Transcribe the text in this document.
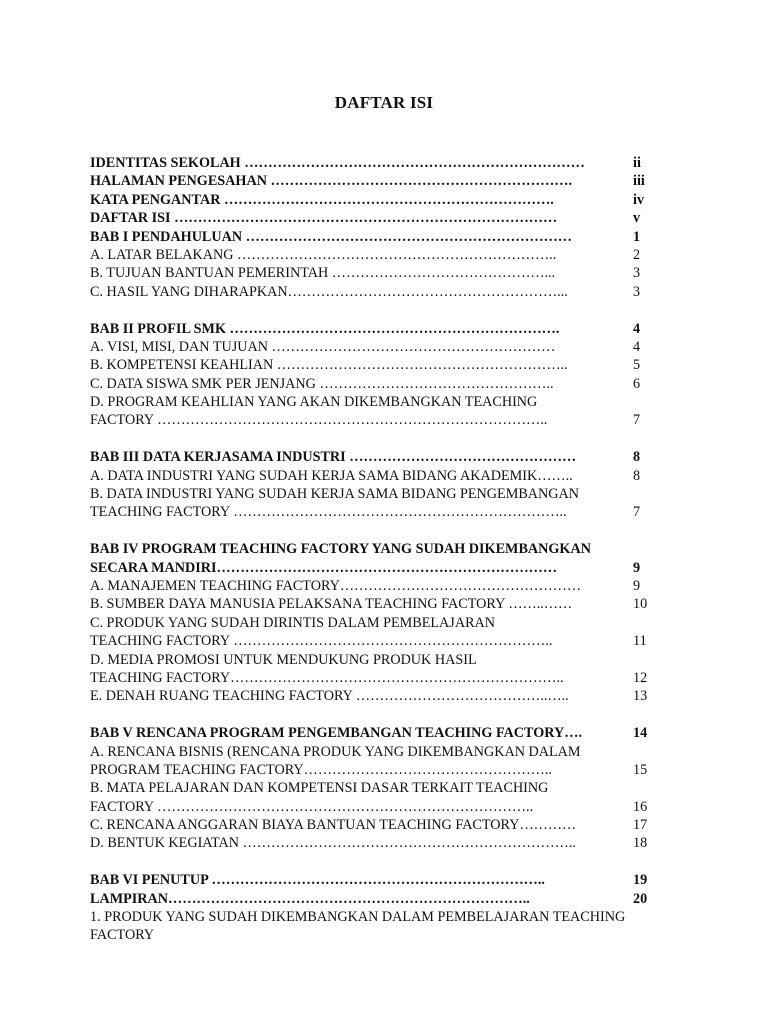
DAFTAR ISI
IDENTITAS SEKOLAH ………………………………………………………………	ii
HALAMAN PENGESAHAN ……………………………………………………….	iii
KATA PENGANTAR …………………………………………………………….	iv
DAFTAR ISI ………………………………………………………………………	v
BAB I PENDAHULUAN ……………………………………………………………	1
A. LATAR BELAKANG …………………………………………………………..	2
B. TUJUAN BANTUAN PEMERINTAH ………………………………………...	3
C. HASIL YANG DIHARAPKAN…………………………………………………...	3
BAB II PROFIL SMK …………………………………………………………….	4
A. VISI, MISI, DAN TUJUAN ……………………………………………………	4
B. KOMPETENSI KEAHLIAN ……………………………………………………..	5
C. DATA SISWA SMK PER JENJANG …………………………………………..	6
D. PROGRAM KEAHLIAN YANG AKAN DIKEMBANGKAN TEACHING
FACTORY ………………………………………………………………………..	7
BAB III DATA KERJASAMA INDUSTRI …………………………………………	8
A. DATA INDUSTRI YANG SUDAH KERJA SAMA BIDANG AKADEMIK……..	8
B. DATA INDUSTRI YANG SUDAH KERJA SAMA BIDANG PENGEMBANGAN
TEACHING FACTORY ……………………………………………………………..	7
BAB IV PROGRAM TEACHING FACTORY YANG SUDAH DIKEMBANGKAN
SECARA MANDIRI………………………………………………………………	9
A. MANAJEMEN TEACHING FACTORY……………………………………………	9
B. SUMBER DAYA MANUSIA PELAKSANA TEACHING FACTORY ……..……	10
C. PRODUK YANG SUDAH DIRINTIS DALAM PEMBELAJARAN
TEACHING FACTORY …………………………………………………………..	11
D. MEDIA PROMOSI UNTUK MENDUKUNG PRODUK HASIL
TEACHING FACTORY……………………………………………………………..	12
E. DENAH RUANG TEACHING FACTORY …………………………………..…..	13
BAB V RENCANA PROGRAM PENGEMBANGAN TEACHING FACTORY….	14
A. RENCANA BISNIS (RENCANA PRODUK YANG DIKEMBANGKAN DALAM
PROGRAM TEACHING FACTORY……………………………………………..	15
B. MATA PELAJARAN DAN KOMPETENSI DASAR TERKAIT TEACHING
FACTORY ……………………………………………………………………..	16
C. RENCANA ANGGARAN BIAYA BANTUAN TEACHING FACTORY…………	17
D. BENTUK KEGIATAN ……………………………………………………………..	18
BAB VI PENUTUP ……………………………………………………………..	19
LAMPIRAN…………………………………………………………………..	20
1. PRODUK YANG SUDAH DIKEMBANGKAN DALAM PEMBELAJARAN TEACHING
FACTORY
